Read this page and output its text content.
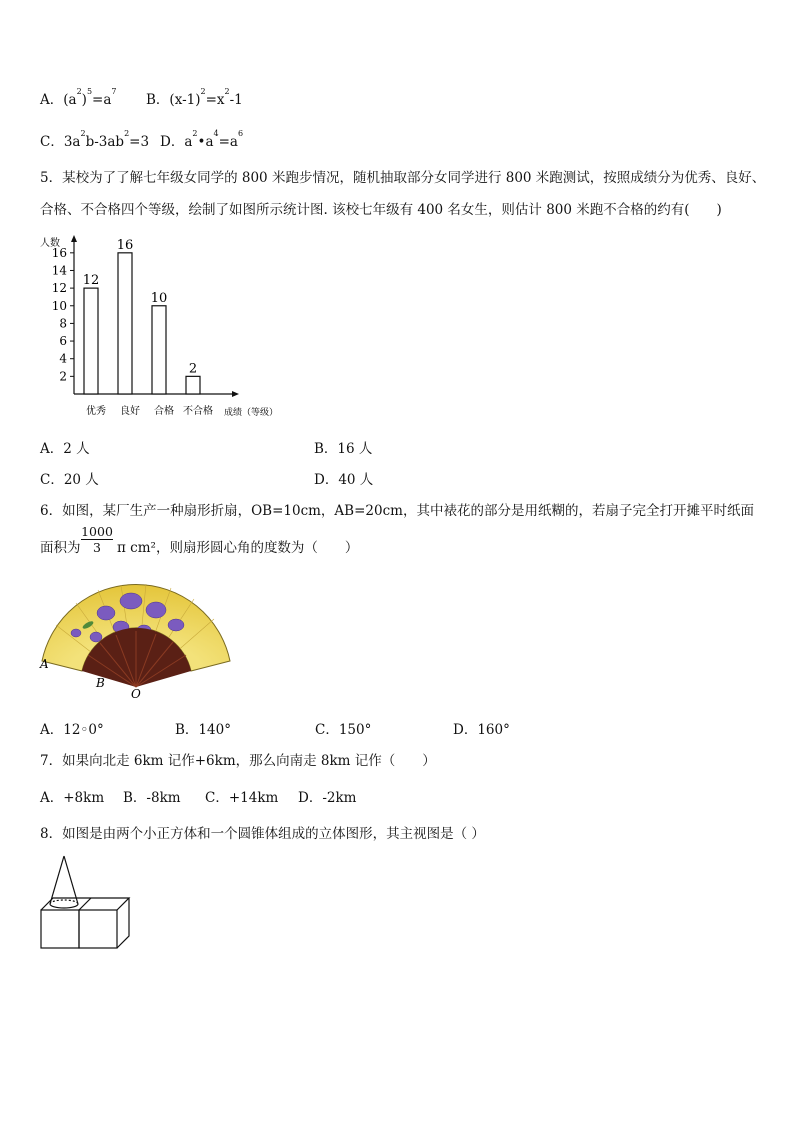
A．$(a^2)^5=a^7$
B．$(x-1)^2=x^2-1$
C．$3a^2b-3ab^2=3$ D．$a^2•a^4=a^6$
5．某校为了了解七年级女同学的 800 米跑步情况，随机抽取部分女同学进行 800 米跑测试，按照成绩分为优秀、良好、
合格、不合格四个等级，绘制了如图所示统计图. 该校七年级有 400 名女生，则估计 800 米跑不合格的约有(　　)
人数
成绩（等级）
2
4
6
8
10
12
14
16
12
优秀
16
良好
10
合格
2
不合格
A．2 人	B．16 人
C．20 人	D．40 人
6．如图，某厂生产一种扇形折扇，OB=10cm，AB=20cm，其中裱花的部分是用纸糊的，若扇子完全打开摊平时纸面
面积为
1000
3 π cm²，则扇形圆心角的度数为（　　）
A
B
O
A．12◦0°	B．140°	C．150°	D．160°
7．如果向北走 6km 记作+6km，那么向南走 8km 记作（　　）
A．+8km B．-8km C．+14km D．-2km
8．如图是由两个小正方体和一个圆锥体组成的立体图形，其主视图是（ ）
